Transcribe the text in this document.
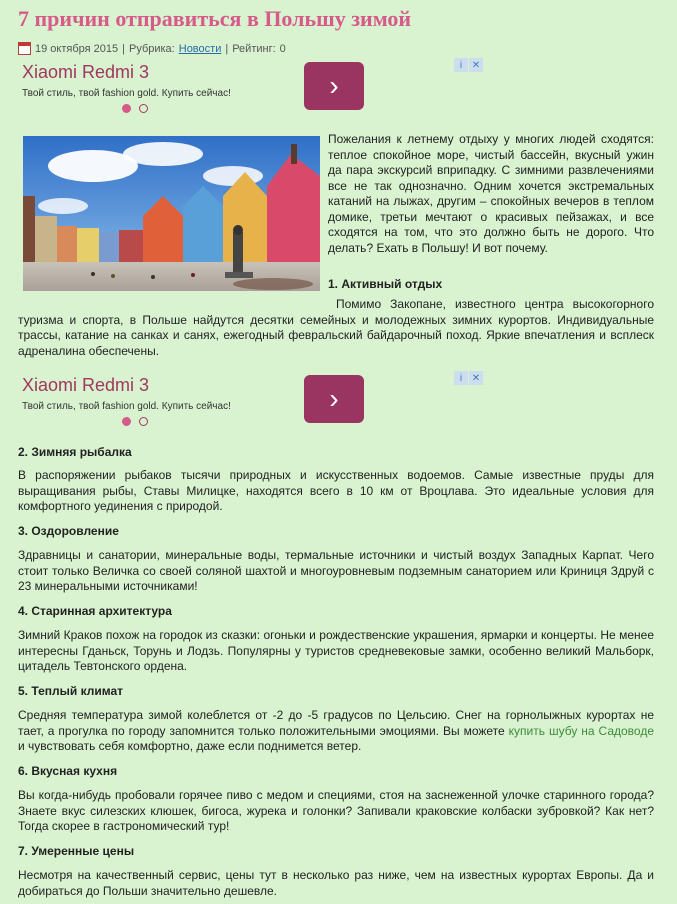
7 причин отправиться в Польшу зимой
19 октября 2015 | Рубрика: Новости | Рейтинг: 0
Xiaomi Redmi 3
Твой стиль, твой fashion gold. Купить сейчас!	›
i ✕

Пожелания к летнему отдыху у многих людей сходятся: теплое спокойное море, чистый бассейн, вкусный ужин да пара экскурсий вприпадку. С зимними развлечениями все не так однозначно. Одним хочется экстремальных катаний на лыжах, другим – спокойных вечеров в теплом домике, третьи мечтают о красивых пейзажах, и все сходятся на том, что это должно быть не дорого. Что делать? Ехать в Польшу! И вот почему.

1. Активный отдых

Помимо Закопане, известного центра высокогорного туризма и спорта, в Польше найдутся десятки семейных и молодежных зимних курортов. Индивидуальные трассы, катание на санках и санях, ежегодный февральский байдарочный поход. Яркие впечатления и всплеск адреналина обеспечены.

Xiaomi Redmi 3
Твой стиль, твой fashion gold. Купить сейчас!	›
i ✕
2. Зимняя рыбалка

В распоряжении рыбаков тысячи природных и искусственных водоемов. Самые известные пруды для выращивания рыбы, Ставы Милицке, находятся всего в 10 км от Вроцлава. Это идеальные условия для комфортного уединения с природой.

3. Оздоровление

Здравницы и санатории, минеральные воды, термальные источники и чистый воздух Западных Карпат. Чего стоит только Величка со своей соляной шахтой и многоуровневым подземным санаторием или Криниця Здруй с 23 минеральными источниками!

4. Старинная архитектура

Зимний Краков похож на городок из сказки: огоньки и рождественские украшения, ярмарки и концерты. Не менее интересны Гданьск, Торунь и Лодзь. Популярны у туристов средневековые замки, особенно великий Мальборк, цитадель Тевтонского ордена.

5. Теплый климат

Средняя температура зимой колеблется от -2 до -5 градусов по Цельсию. Снег на горнолыжных курортах не тает, а прогулка по городу запомнится только положительными эмоциями. Вы можете купить шубу на Садоводе и чувствовать себя комфортно, даже если поднимется ветер.

6. Вкусная кухня

Вы когда-нибудь пробовали горячее пиво с медом и специями, стоя на заснеженной улочке старинного города? Знаете вкус силезских клюшек, бигоса, журека и голонки? Запивали краковские колбаски зубровкой? Как нет? Тогда скорее в гастрономический тур!

7. Умеренные цены

Несмотря на качественный сервис, цены тут в несколько раз ниже, чем на известных курортах Европы. Да и добираться до Польши значительно дешевле.
